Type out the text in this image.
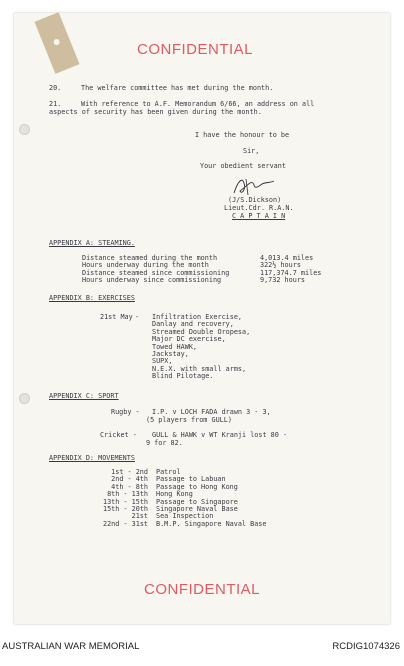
CONFIDENTIAL
20.	The welfare committee has met during the month.
21.	With reference to A.F. Memorandum 6/66, an address on all
aspects of security has been given during the month.
I have the honour to be
Sir,
Your obedient servant
(J/S.Dickson)
Lieut.Cdr. R.A.N.
C A P T A I N
APPENDIX A: STEAMING.
Distance steamed during the month	4,013.4 miles
Hours underway during the month	322½ hours
Distance steamed since commissioning	117,374.7 miles
Hours underway since commissioning	9,732 hours
APPENDIX B: EXERCISES
21st May - Infiltration Exercise,
Danlay and recovery,
Streamed Double Oropesa,
Major DC exercise,
Towed HAWK,
Jackstay,
SUPX,
N.E.X. with small arms,
Blind Pilotage.
APPENDIX C: SPORT
Rugby - I.P. v LOCH FADA drawn 3 - 3,
(5 players from GULL)
Cricket - GULL & HAWK v WT Kranji lost 80 -
9 for 82.
APPENDIX D: MOVEMENTS
1st - 2nd Patrol
2nd - 4th Passage to Labuan
4th - 8th Passage to Hong Kong
8th - 13th Hong Kong
13th - 15th Passage to Singapore
15th - 20th Singapore Naval Base
21st Sea Inspection
22nd - 31st B.M.P. Singapore Naval Base
CONFIDENTIAL
AUSTRALIAN WAR MEMORIAL	RCDIG1074326
